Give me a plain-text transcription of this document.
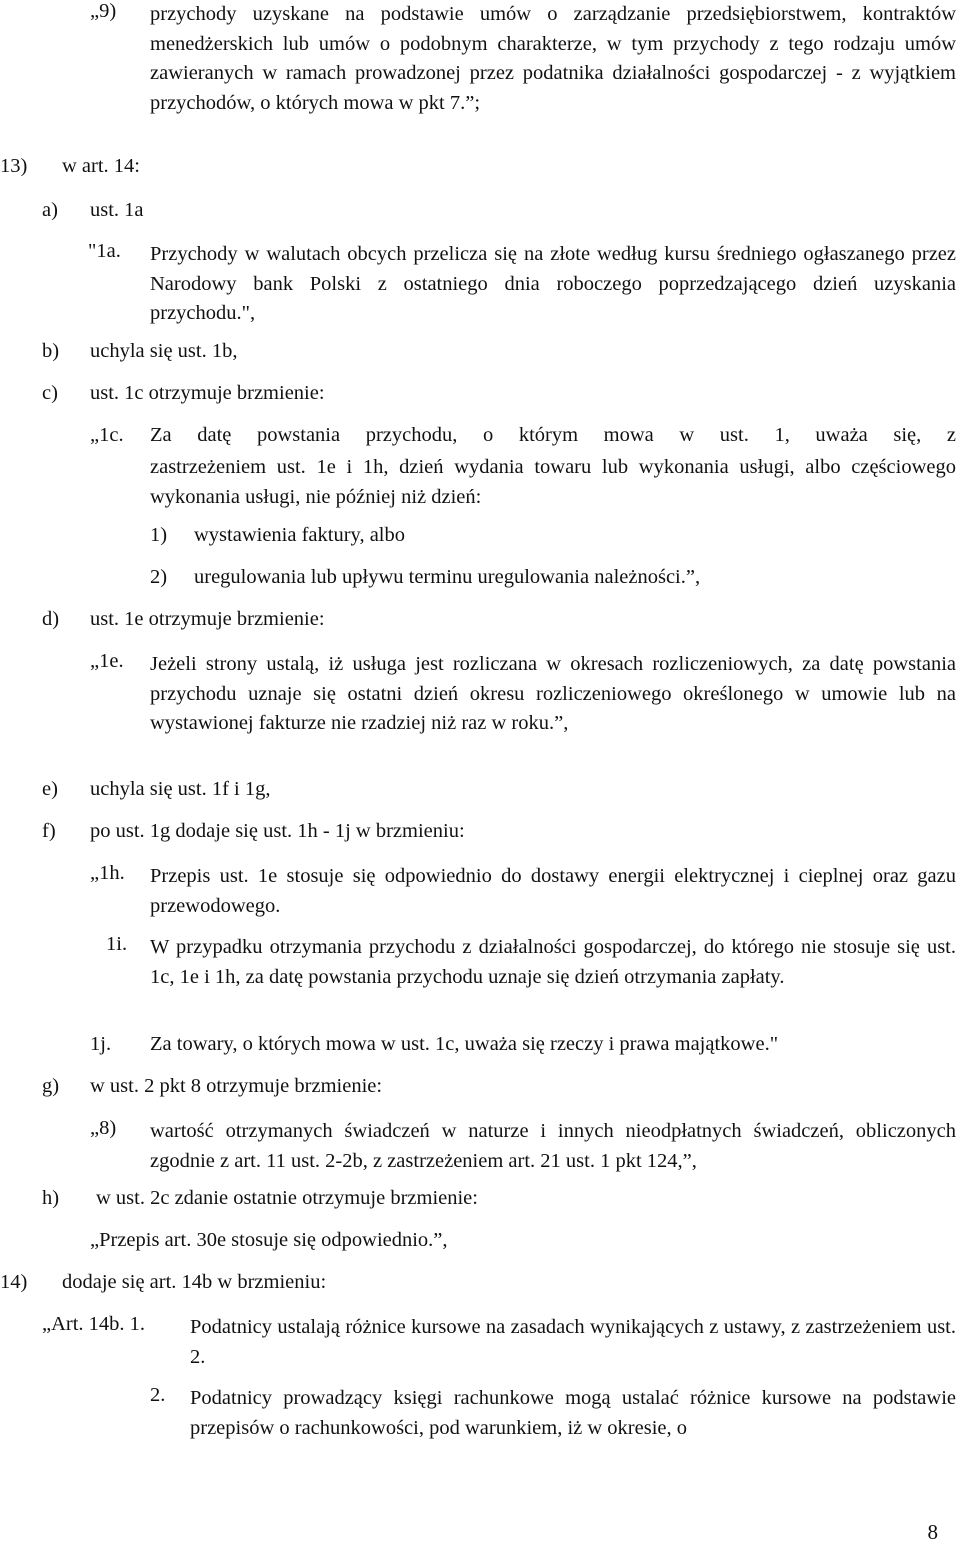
„9) przychody uzyskane na podstawie umów o zarządzanie przedsiębiorstwem, kontraktów menedżerskich lub umów o podobnym charakterze, w tym przychody z tego rodzaju umów zawieranych w ramach prowadzonej przez podatnika działalności gospodarczej - z wyjątkiem przychodów, o których mowa w pkt 7.”;
13) w art. 14:
a) ust. 1a
"1a. Przychody w walutach obcych przelicza się na złote według kursu średniego ogłaszanego przez Narodowy bank Polski z ostatniego dnia roboczego poprzedzającego dzień uzyskania przychodu.",
b) uchyla się ust. 1b,
c) ust. 1c otrzymuje brzmienie:
„1c. Za datę powstania przychodu, o którym mowa w ust. 1, uważa się, z
zastrzeżeniem ust. 1e i 1h, dzień wydania towaru lub wykonania usługi, albo częściowego wykonania usługi, nie później niż dzień:
1) wystawienia faktury, albo
2) uregulowania lub upływu terminu uregulowania należności.”,
d) ust. 1e otrzymuje brzmienie:
„1e. Jeżeli strony ustalą, iż usługa jest rozliczana w okresach rozliczeniowych, za datę powstania przychodu uznaje się ostatni dzień okresu rozliczeniowego określonego w umowie lub na wystawionej fakturze nie rzadziej niż raz w roku.”,
e) uchyla się ust. 1f i 1g,
f) po ust. 1g dodaje się ust. 1h - 1j w brzmieniu:
„1h. Przepis ust. 1e stosuje się odpowiednio do dostawy energii elektrycznej i cieplnej oraz gazu przewodowego.
1i. W przypadku otrzymania przychodu z działalności gospodarczej, do którego nie stosuje się ust. 1c, 1e i 1h, za datę powstania przychodu uznaje się dzień otrzymania zapłaty.
1j. Za towary, o których mowa w ust. 1c, uważa się rzeczy i prawa majątkowe."
g) w ust. 2 pkt 8 otrzymuje brzmienie:
„8) wartość otrzymanych świadczeń w naturze i innych nieodpłatnych świadczeń, obliczonych zgodnie z art. 11 ust. 2-2b, z zastrzeżeniem art. 21 ust. 1 pkt 124,”,
h) w ust. 2c zdanie ostatnie otrzymuje brzmienie:
„Przepis art. 30e stosuje się odpowiednio.”,
14) dodaje się art. 14b w brzmieniu:
„Art. 14b. 1. Podatnicy ustalają różnice kursowe na zasadach wynikających z ustawy, z zastrzeżeniem ust. 2.
2. Podatnicy prowadzący księgi rachunkowe mogą ustalać różnice kursowe na podstawie przepisów o rachunkowości, pod warunkiem, iż w okresie, o
8
